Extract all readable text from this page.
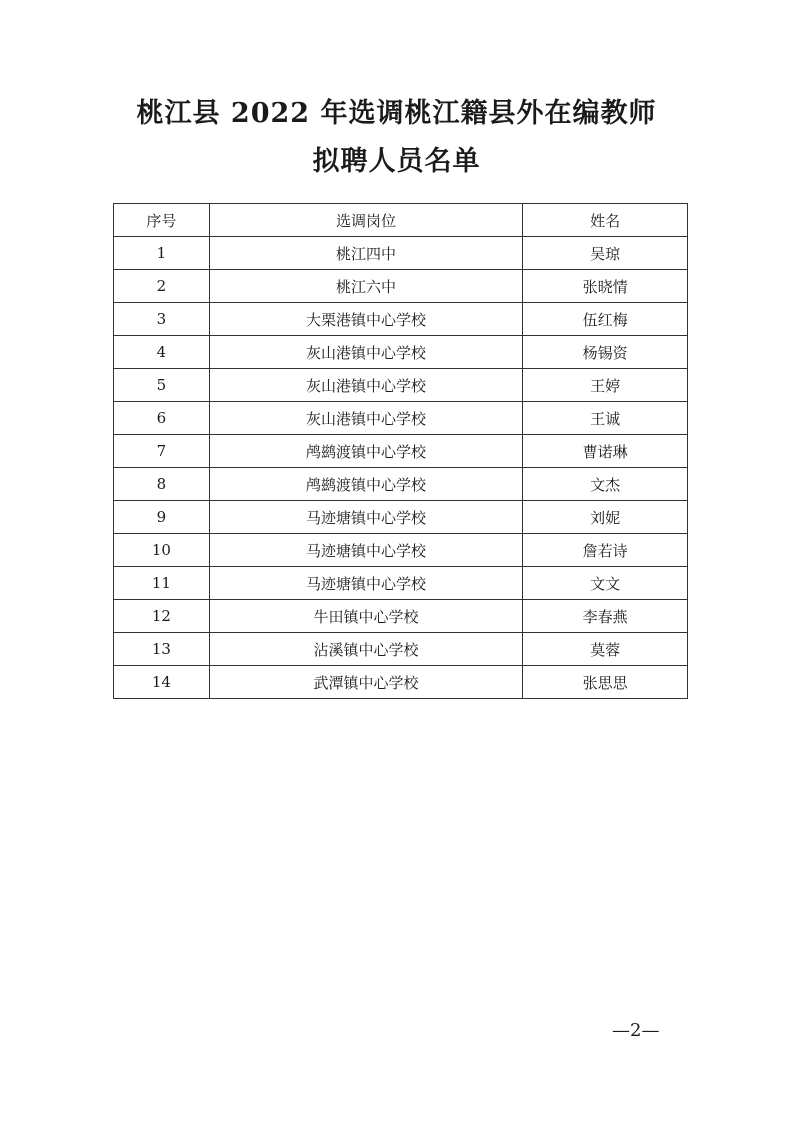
桃江县 2022 年选调桃江籍县外在编教师
拟聘人员名单
序号	选调岗位	姓名
1	桃江四中	吴琼
2	桃江六中	张晓情
3	大栗港镇中心学校	伍红梅
4	灰山港镇中心学校	杨锡资
5	灰山港镇中心学校	王婷
6	灰山港镇中心学校	王诚
7	鸬鹚渡镇中心学校	曹诺琳
8	鸬鹚渡镇中心学校	文杰
9	马迹塘镇中心学校	刘妮
10	马迹塘镇中心学校	詹若诗
11	马迹塘镇中心学校	文文
12	牛田镇中心学校	李春燕
13	沾溪镇中心学校	莫蓉
14	武潭镇中心学校	张思思
—2—
